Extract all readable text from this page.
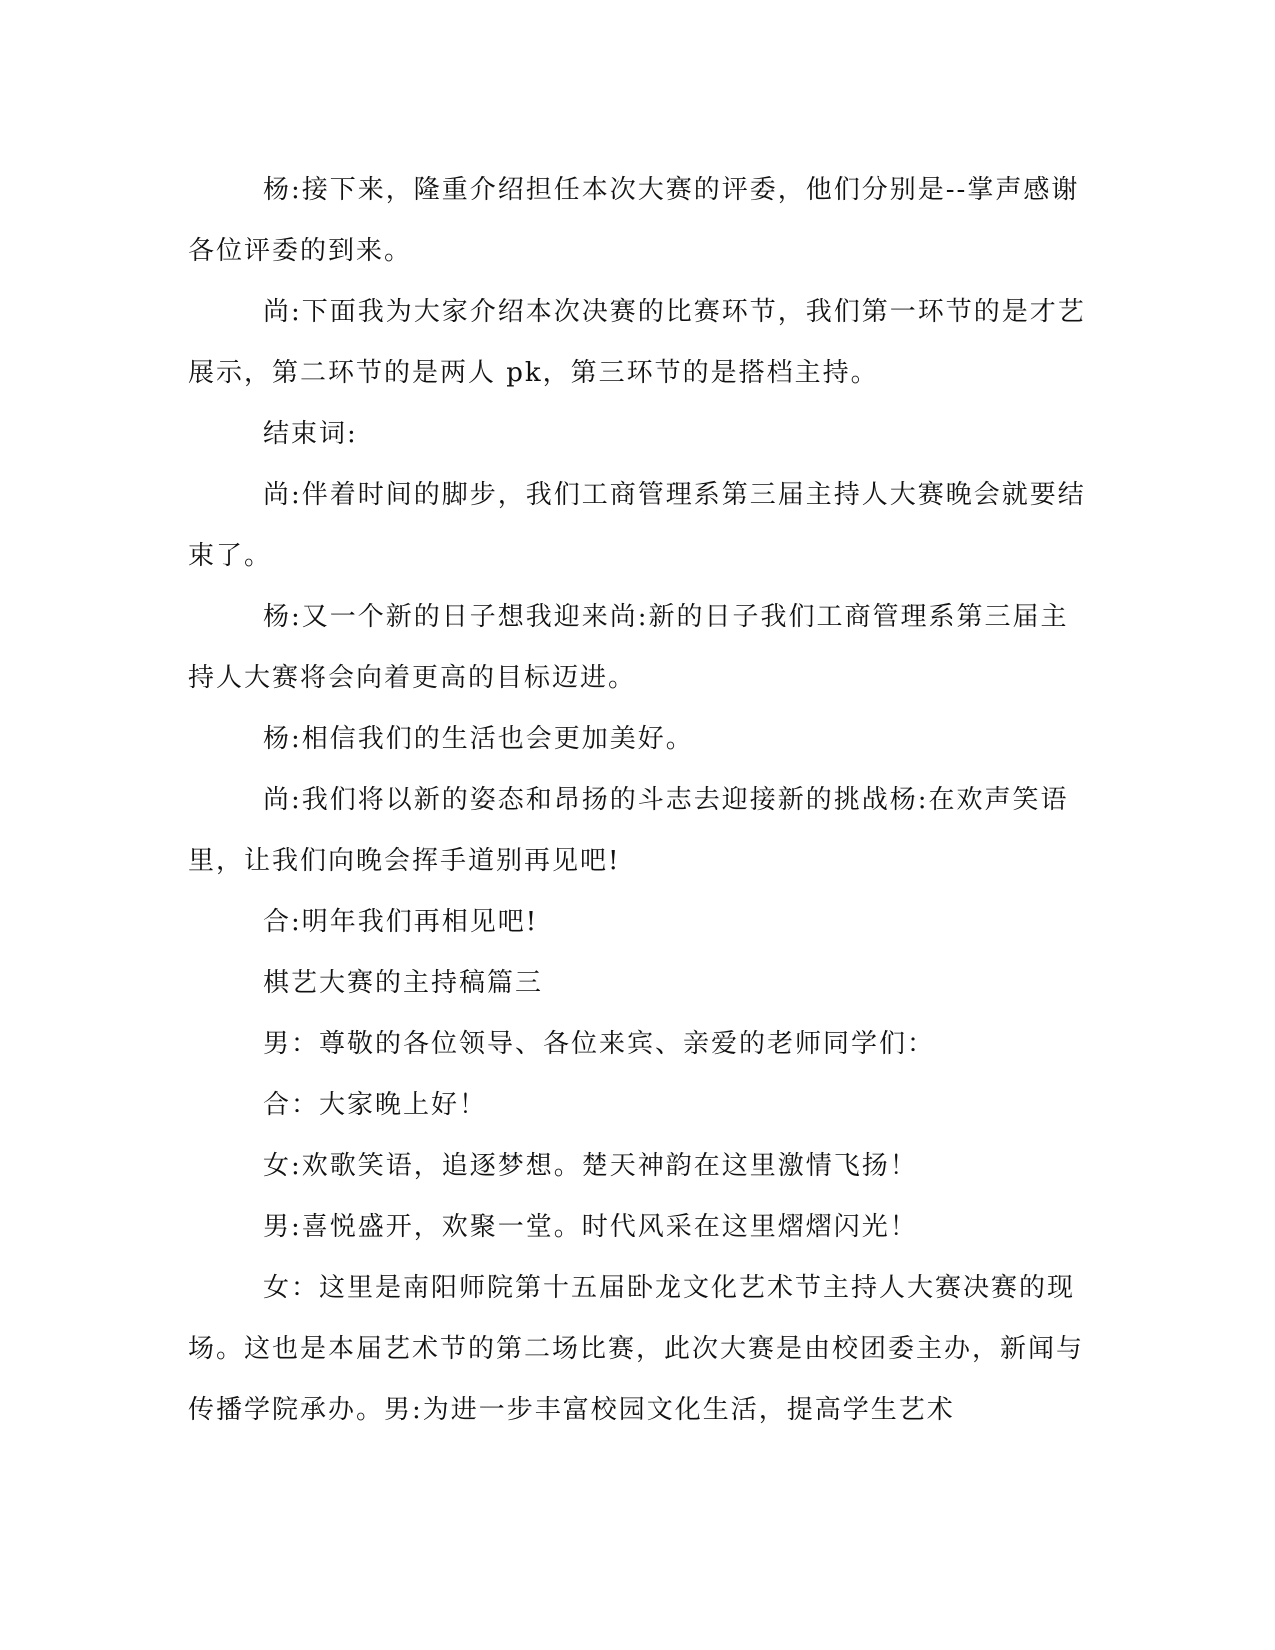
杨:接下来，隆重介绍担任本次大赛的评委，他们分别是--掌声感谢各位评委的到来。

尚:下面我为大家介绍本次决赛的比赛环节，我们第一环节的是才艺展示，第二环节的是两人 pk，第三环节的是搭档主持。

结束词:

尚:伴着时间的脚步，我们工商管理系第三届主持人大赛晚会就要结束了。

杨:又一个新的日子想我迎来尚:新的日子我们工商管理系第三届主持人大赛将会向着更高的目标迈进。

杨:相信我们的生活也会更加美好。

尚:我们将以新的姿态和昂扬的斗志去迎接新的挑战杨:在欢声笑语里，让我们向晚会挥手道别再见吧!

合:明年我们再相见吧!

棋艺大赛的主持稿篇三

男：尊敬的各位领导、各位来宾、亲爱的老师同学们：

合：大家晚上好！

女:欢歌笑语，追逐梦想。楚天神韵在这里激情飞扬！

男:喜悦盛开，欢聚一堂。时代风采在这里熠熠闪光！

女：这里是南阳师院第十五届卧龙文化艺术节主持人大赛决赛的现场。这也是本届艺术节的第二场比赛，此次大赛是由校团委主办，新闻与传播学院承办。男:为进一步丰富校园文化生活，提高学生艺术
